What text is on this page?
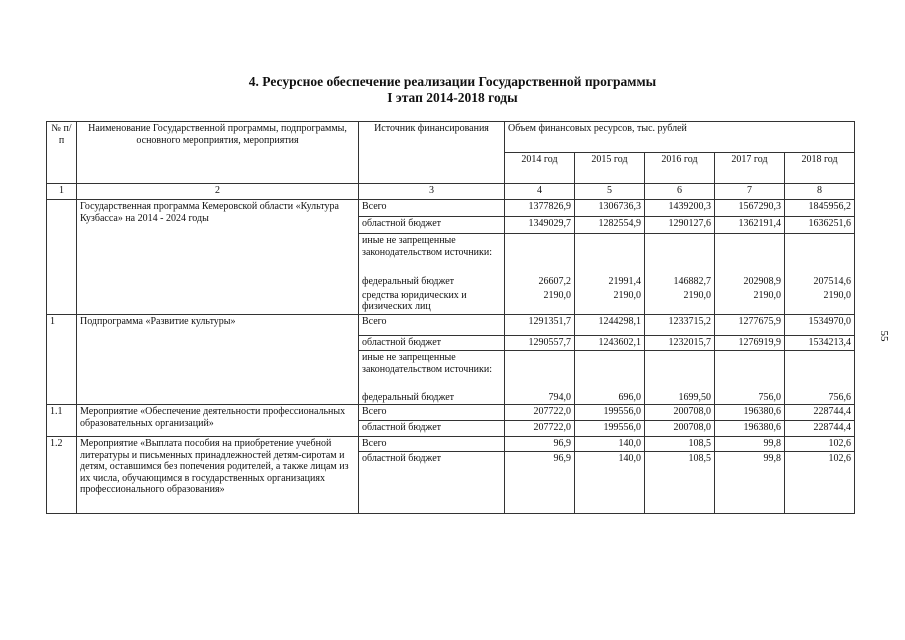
4. Ресурсное обеспечение реализации Государственной программы
I этап 2014-2018 годы
55
№ п/п	Наименование Государственной программы, подпрограммы, основного мероприятия, мероприятия	Источник финансирования	Объем финансовых ресурсов, тыс. рублей				
			2014 год	2015 год	2016 год	2017 год	2018 год
1	2	3	4	5	6	7	8
	Государственная программа Кемеровской области «Культура Кузбасса» на 2014 - 2024 годы	Всего	1377826,9	1306736,3	1439200,3	1567290,3	1845956,2
		областной бюджет	1349029,7	1282554,9	1290127,6	1362191,4	1636251,6
		иные не запрещенные законодательством источники:					
		федеральный бюджет	26607,2	21991,4	146882,7	202908,9	207514,6
		средства юридических и физических лиц	2190,0	2190,0	2190,0	2190,0	2190,0
1	Подпрограмма «Развитие культуры»	Всего	1291351,7	1244298,1	1233715,2	1277675,9	1534970,0
		областной бюджет	1290557,7	1243602,1	1232015,7	1276919,9	1534213,4
		иные не запрещенные законодательством источники:					
		федеральный бюджет	794,0	696,0	1699,50	756,0	756,6
1.1	Мероприятие «Обеспечение деятельности профессиональных образовательных организаций»	Всего	207722,0	199556,0	200708,0	196380,6	228744,4
		областной бюджет	207722,0	199556,0	200708,0	196380,6	228744,4
1.2	Мероприятие «Выплата пособия на приобретение учебной литературы и письменных принадлежностей детям-сиротам и детям, оставшимся без попечения родителей, а также лицам из их числа, обучающимся в государственных организациях профессионального образования»	Всего	96,9	140,0	108,5	99,8	102,6
		областной бюджет	96,9	140,0	108,5	99,8	102,6
